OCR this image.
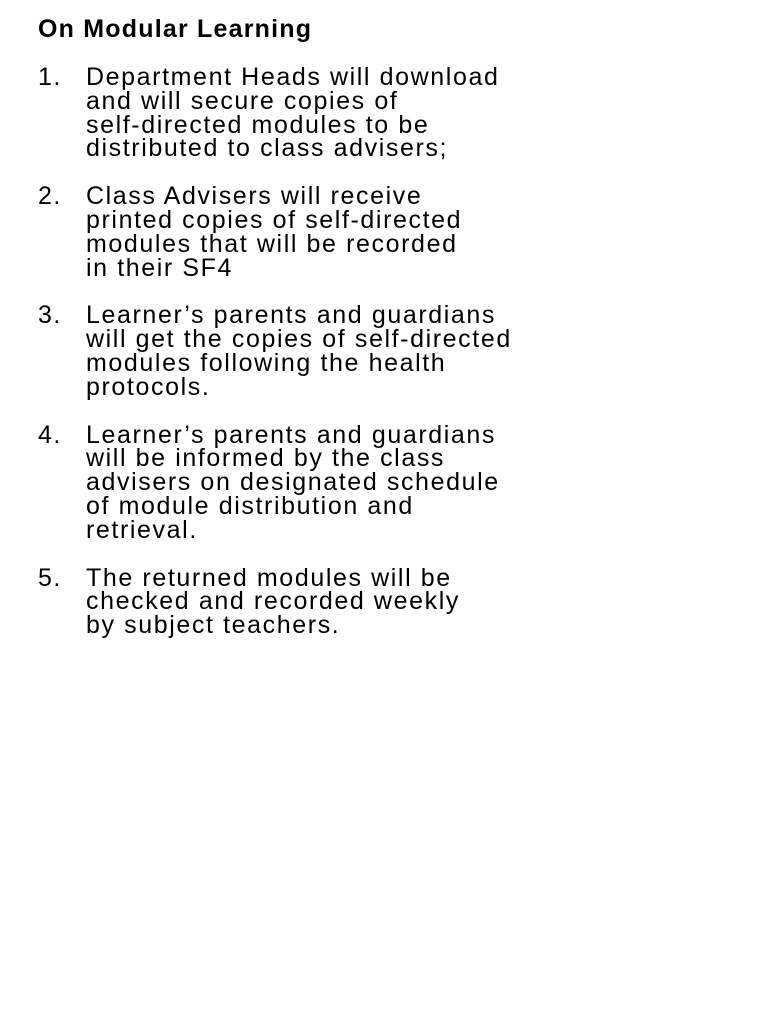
On Modular Learning
1. Department Heads will download
and will secure copies of
self-directed modules to be
distributed to class advisers;
2. Class Advisers will receive
printed copies of self-directed
modules that will be recorded
in their SF4
3. Learner’s parents and guardians
will get the copies of self-directed
modules following the health
protocols.
4. Learner’s parents and guardians
will be informed by the class
advisers on designated schedule
of module distribution and
retrieval.
5. The returned modules will be
checked and recorded weekly
by subject teachers.
